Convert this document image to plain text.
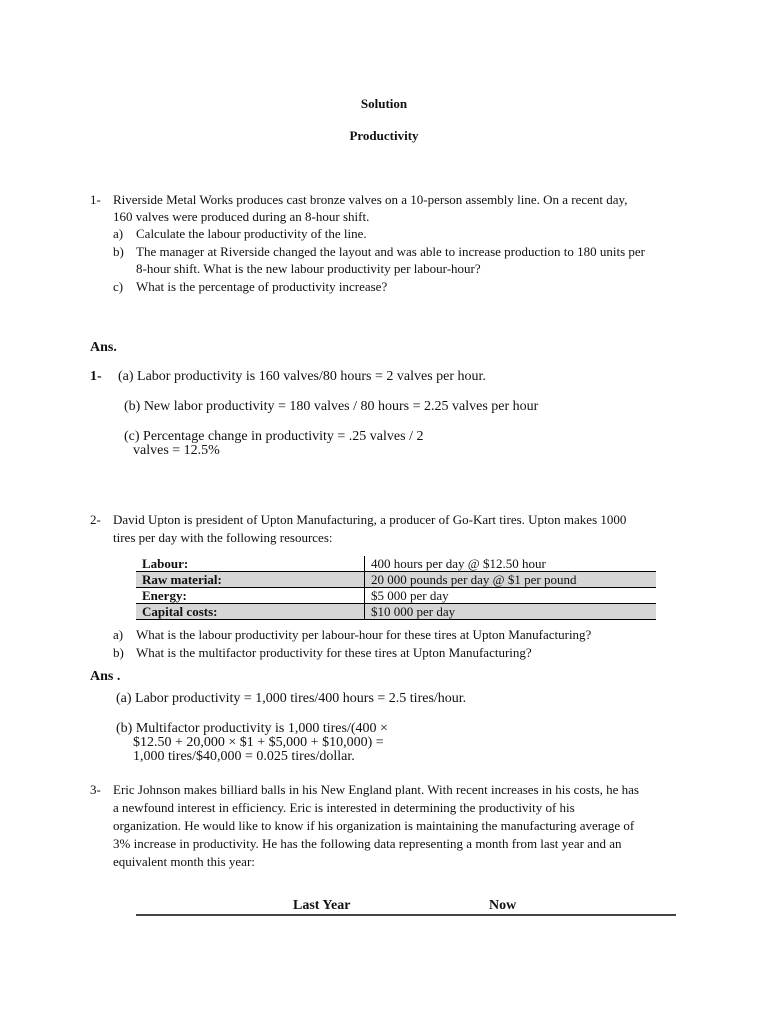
Solution
Productivity
1- Riverside Metal Works produces cast bronze valves on a 10-person assembly line. On a recent day,
160 valves were produced during an 8-hour shift.
a) Calculate the labour productivity of the line.
b) The manager at Riverside changed the layout and was able to increase production to 180 units per
8-hour shift. What is the new labour productivity per labour-hour?
c) What is the percentage of productivity increase?
Ans.
1- (a) Labor productivity is 160 valves/80 hours = 2 valves per hour.
(b) New labor productivity = 180 valves / 80 hours = 2.25 valves per hour
(c) Percentage change in productivity = .25 valves / 2
valves = 12.5%
2- David Upton is president of Upton Manufacturing, a producer of Go-Kart tires. Upton makes 1000
tires per day with the following resources:
Labour:	400 hours per day @ $12.50 hour
Raw material:	20 000 pounds per day @ $1 per pound
Energy:	$5 000 per day
Capital costs:	$10 000 per day
a) What is the labour productivity per labour-hour for these tires at Upton Manufacturing?
b) What is the multifactor productivity for these tires at Upton Manufacturing?
Ans .
(a) Labor productivity = 1,000 tires/400 hours = 2.5 tires/hour.
(b) Multifactor productivity is 1,000 tires/(400 ×
$12.50 + 20,000 × $1 + $5,000 + $10,000) =
1,000 tires/$40,000 = 0.025 tires/dollar.
3- Eric Johnson makes billiard balls in his New England plant. With recent increases in his costs, he has
a newfound interest in efficiency. Eric is interested in determining the productivity of his
organization. He would like to know if his organization is maintaining the manufacturing average of
3% increase in productivity. He has the following data representing a month from last year and an
equivalent month this year:
Last Year	Now
